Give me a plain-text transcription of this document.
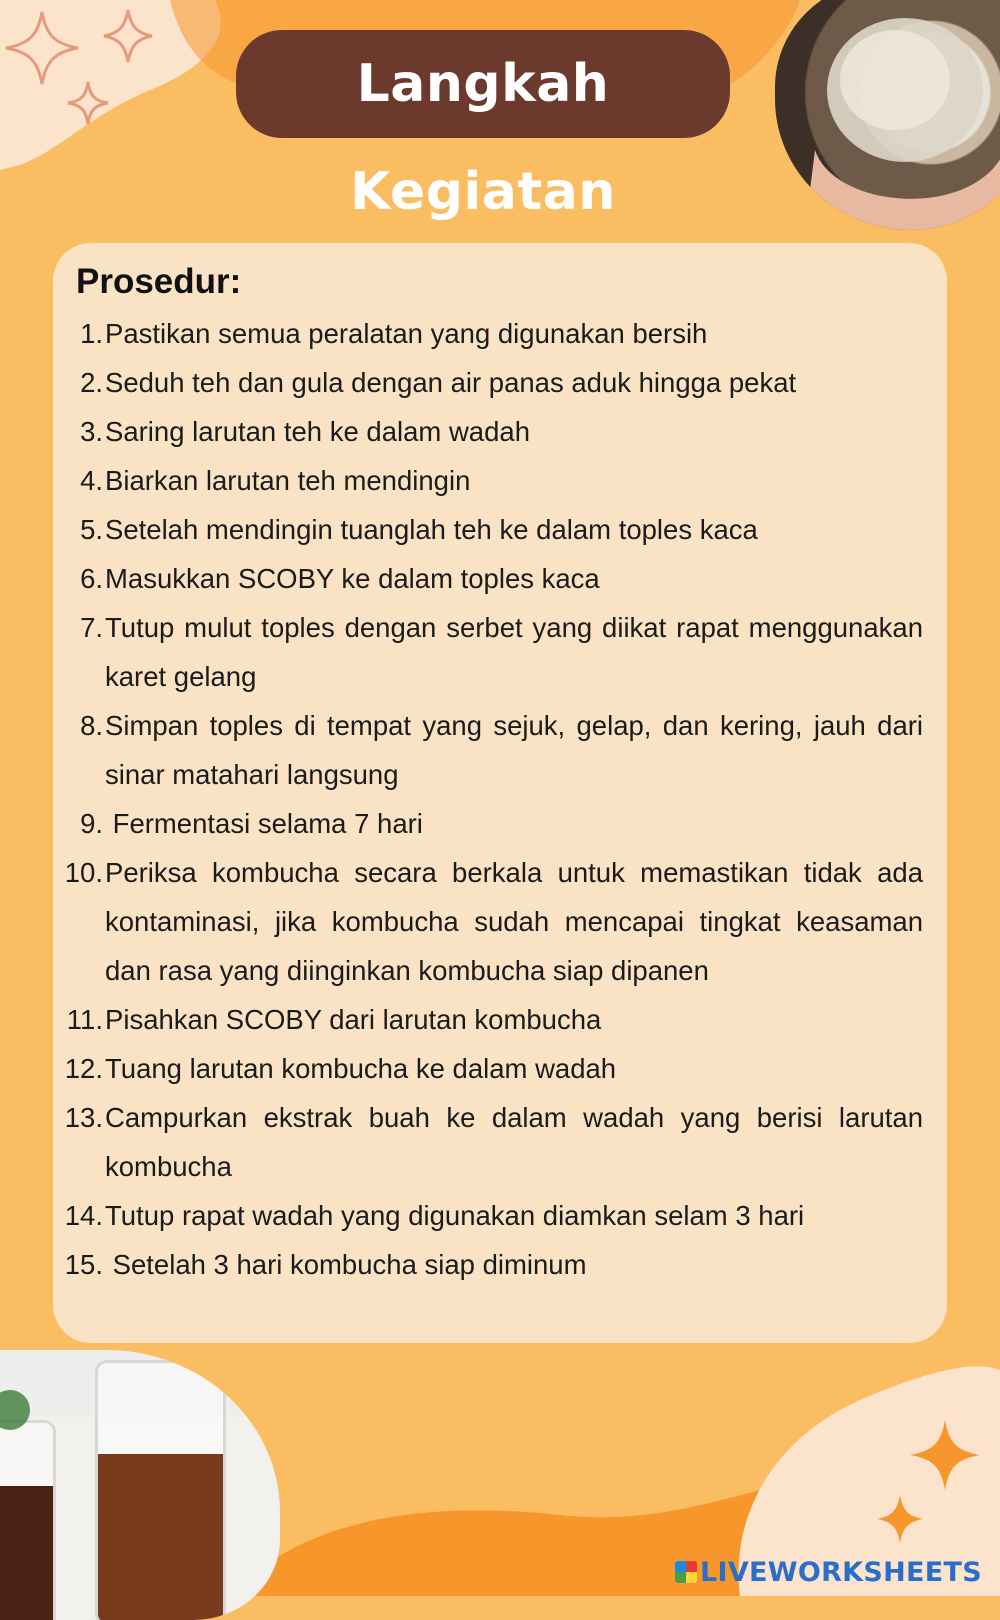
Langkah Kegiatan
Prosedur:
1. Pastikan semua peralatan yang digunakan bersih
2. Seduh teh dan gula dengan air panas aduk hingga pekat
3. Saring larutan teh ke dalam wadah
4. Biarkan larutan teh mendingin
5. Setelah mendingin tuanglah teh ke dalam toples kaca
6. Masukkan SCOBY ke dalam toples kaca
7. Tutup mulut toples dengan serbet yang diikat rapat menggunakan karet gelang
8. Simpan toples di tempat yang sejuk, gelap, dan kering, jauh dari sinar matahari langsung
9. Fermentasi selama 7 hari
10. Periksa kombucha secara berkala untuk memastikan tidak ada kontaminasi, jika kombucha sudah mencapai tingkat keasaman dan rasa yang diinginkan kombucha siap dipanen
11. Pisahkan SCOBY dari larutan kombucha
12. Tuang larutan kombucha ke dalam wadah
13. Campurkan ekstrak buah ke dalam wadah yang berisi larutan kombucha
14. Tutup rapat wadah yang digunakan diamkan selam 3 hari
15. Setelah 3 hari kombucha siap diminum
LIVEWORKSHEETS
